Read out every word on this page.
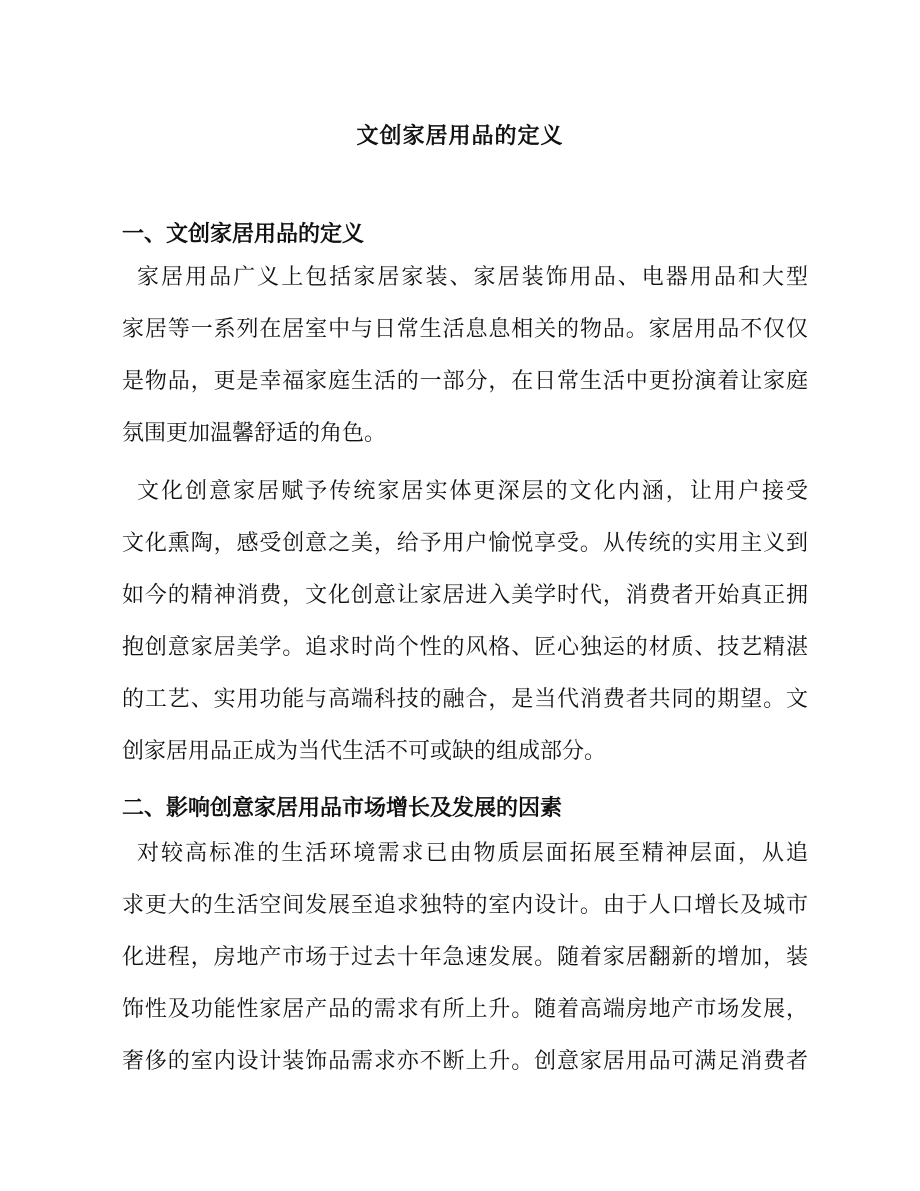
文创家居用品的定义
一、文创家居用品的定义
家居用品广义上包括家居家装、家居装饰用品、电器用品和大型
家居等一系列在居室中与日常生活息息相关的物品。家居用品不仅仅
是物品，更是幸福家庭生活的一部分，在日常生活中更扮演着让家庭
氛围更加温馨舒适的角色。
文化创意家居赋予传统家居实体更深层的文化内涵，让用户接受
文化熏陶，感受创意之美，给予用户愉悦享受。从传统的实用主义到
如今的精神消费，文化创意让家居进入美学时代，消费者开始真正拥
抱创意家居美学。追求时尚个性的风格、匠心独运的材质、技艺精湛
的工艺、实用功能与高端科技的融合，是当代消费者共同的期望。文
创家居用品正成为当代生活不可或缺的组成部分。
二、影响创意家居用品市场增长及发展的因素
对较高标准的生活环境需求已由物质层面拓展至精神层面，从追
求更大的生活空间发展至追求独特的室内设计。由于人口增长及城市
化进程，房地产市场于过去十年急速发展。随着家居翻新的增加，装
饰性及功能性家居产品的需求有所上升。随着高端房地产市场发展，
奢侈的室内设计装饰品需求亦不断上升。创意家居用品可满足消费者
